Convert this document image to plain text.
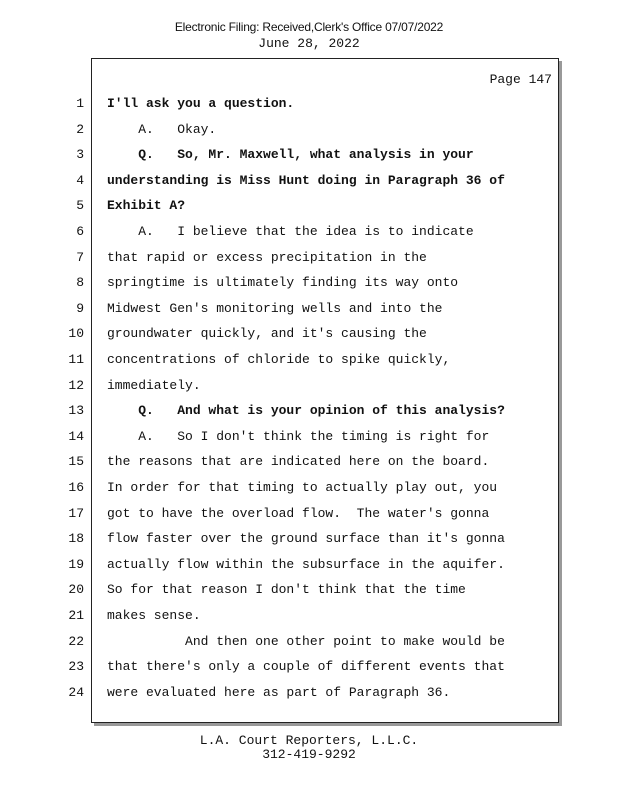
Electronic Filing: Received,Clerk's Office 07/07/2022
June 28, 2022
Page 147
1 I'll ask you a question.
2 A.   Okay.
3 Q.   So, Mr. Maxwell, what analysis in your
4 understanding is Miss Hunt doing in Paragraph 36 of
5 Exhibit A?
6 A.   I believe that the idea is to indicate
7 that rapid or excess precipitation in the
8 springtime is ultimately finding its way onto
9 Midwest Gen's monitoring wells and into the
10 groundwater quickly, and it's causing the
11 concentrations of chloride to spike quickly,
12 immediately.
13 Q.   And what is your opinion of this analysis?
14 A.   So I don't think the timing is right for
15 the reasons that are indicated here on the board.
16 In order for that timing to actually play out, you
17 got to have the overload flow.  The water's gonna
18 flow faster over the ground surface than it's gonna
19 actually flow within the subsurface in the aquifer.
20 So for that reason I don't think that the time
21 makes sense.
22 And then one other point to make would be
23 that there's only a couple of different events that
24 were evaluated here as part of Paragraph 36.
L.A. Court Reporters, L.L.C.
312-419-9292
